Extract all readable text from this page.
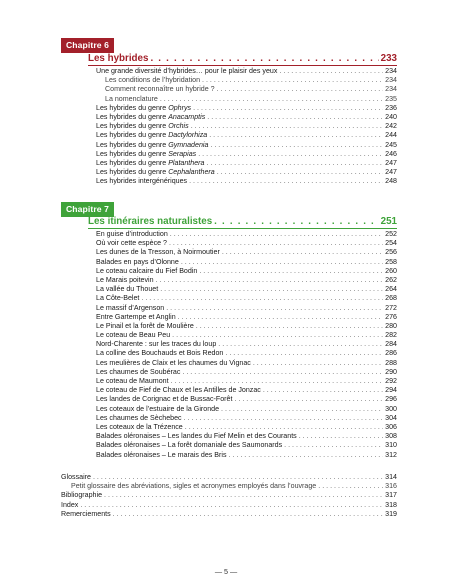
Chapitre 6
Les hybrides . . .	233
Une grande diversité d’hybrides… pour le plaisir des yeux . . .	234
Les conditions de l’hybridation . . .	234
Comment reconnaître un hybride ? . . .	234
La nomenclature . . .	235
Les hybrides du genre Ophrys . . .	236
Les hybrides du genre Anacamptis . . .	240
Les hybrides du genre Orchis . . .	242
Les hybrides du genre Dactylorhiza . . .	244
Les hybrides du genre Gymnadenia . . .	245
Les hybrides du genre Serapias . . .	246
Les hybrides du genre Platanthera . . .	247
Les hybrides du genre Cephalanthera . . .	247
Les hybrides intergénériques . . .	248
Chapitre 7
Les itinéraires naturalistes . . .	251
En guise d’introduction . . .	252
Où voir cette espèce ? . . .	254
Les dunes de la Tresson, à Noirmoutier . . .	256
Balades en pays d’Olonne . . .	258
Le coteau calcaire du Fief Bodin . . .	260
Le Marais poitevin . . .	262
La vallée du Thouet . . .	264
La Côte-Belet . . .	268
Le massif d’Argenson . . .	272
Entre Gartempe et Anglin . . .	276
Le Pinail et la forêt de Moulière . . .	280
Le coteau de Beau Peu . . .	282
Nord-Charente : sur les traces du loup . . .	284
La colline des Bouchauds et Bois Redon . . .	286
Les meulières de Claix et les chaumes du Vignac . . .	288
Les chaumes de Soubérac . . .	290
Le coteau de Maumont . . .	292
Le coteau de Fief de Chaux et les Antilles de Jonzac . . .	294
Les landes de Corignac et de Bussac-Forêt . . .	296
Les coteaux de l’estuaire de la Gironde . . .	300
Les chaumes de Sèchebec . . .	304
Les coteaux de la Trézence . . .	306
Balades oléronaises – Les landes du Fief Melin et des Courants . . .	308
Balades oléronaises – La forêt domaniale des Saumonards . . .	310
Balades oléronaises – Le marais des Bris . . .	312
Glossaire . . .	314
Petit glossaire des abréviations, sigles et acronymes employés dans l’ouvrage . . .	316
Bibliographie . . .	317
Index . . .	318
Remerciements . . .	319
— 5 —
